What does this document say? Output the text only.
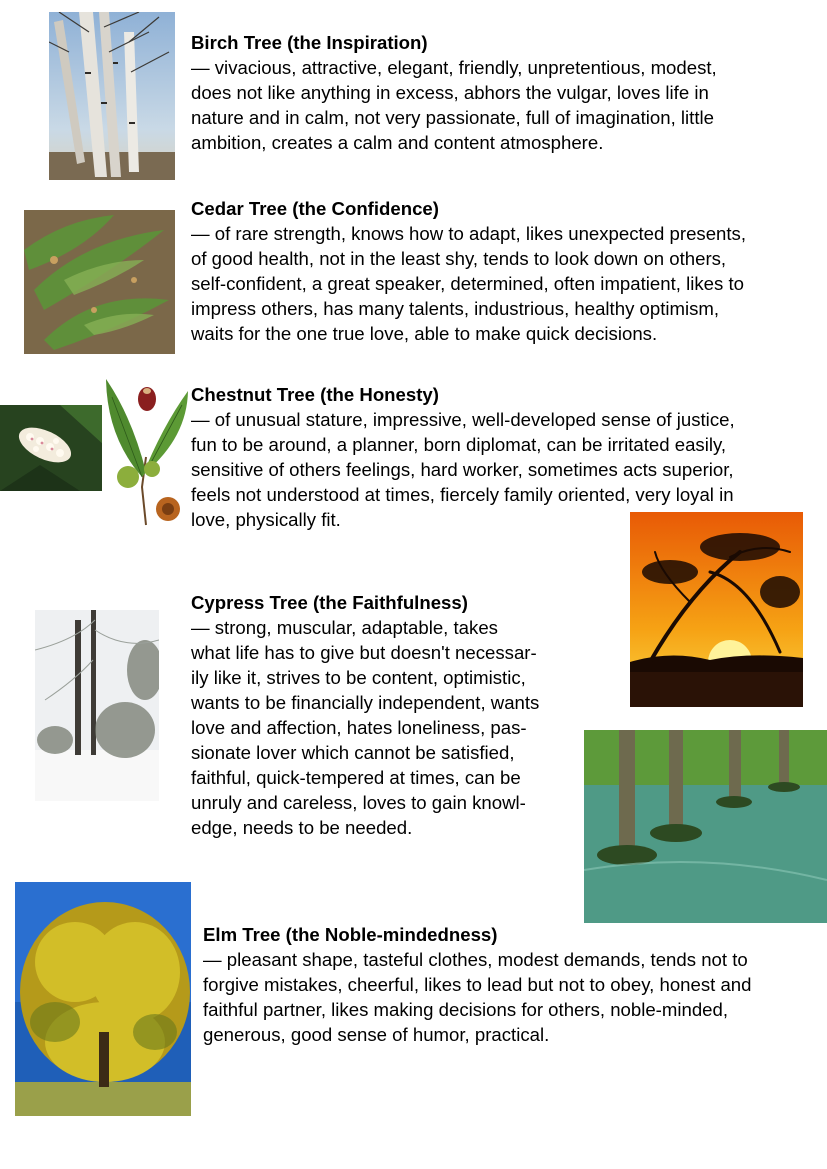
Birch Tree (the Inspiration)
— vivacious, attractive, elegant, friendly, unpretentious, modest,
does not like anything in excess, abhors the vulgar, loves life in
nature and in calm, not very passionate, full of imagination, little
ambition, creates a calm and content atmosphere.
Cedar Tree (the Confidence)
— of rare strength, knows how to adapt, likes unexpected presents,
of good health, not in the least shy, tends to look down on others,
self-confident, a great speaker, determined, often impatient, likes to
impress others, has many talents, industrious, healthy optimism,
waits for the one true love, able to make quick decisions.
Chestnut Tree (the Honesty)
— of unusual stature, impressive, well-developed sense of justice,
fun to be around, a planner, born diplomat, can be irritated easily,
sensitive of others feelings, hard worker, sometimes acts superior,
feels not understood at times, fiercely family oriented, very loyal in
love, physically fit.
Cypress Tree (the Faithfulness)
— strong, muscular, adaptable, takes
what life has to give but doesn't necessar-
ily like it, strives to be content, optimistic,
wants to be financially independent, wants
love and affection, hates loneliness, pas-
sionate lover which cannot be satisfied,
faithful, quick-tempered at times, can be
unruly and careless, loves to gain knowl-
edge, needs to be needed.
Elm Tree (the Noble-mindedness)
— pleasant shape, tasteful clothes, modest demands, tends not to
forgive mistakes, cheerful, likes to lead but not to obey, honest and
faithful partner, likes making decisions for others, noble-minded,
generous, good sense of humor, practical.
